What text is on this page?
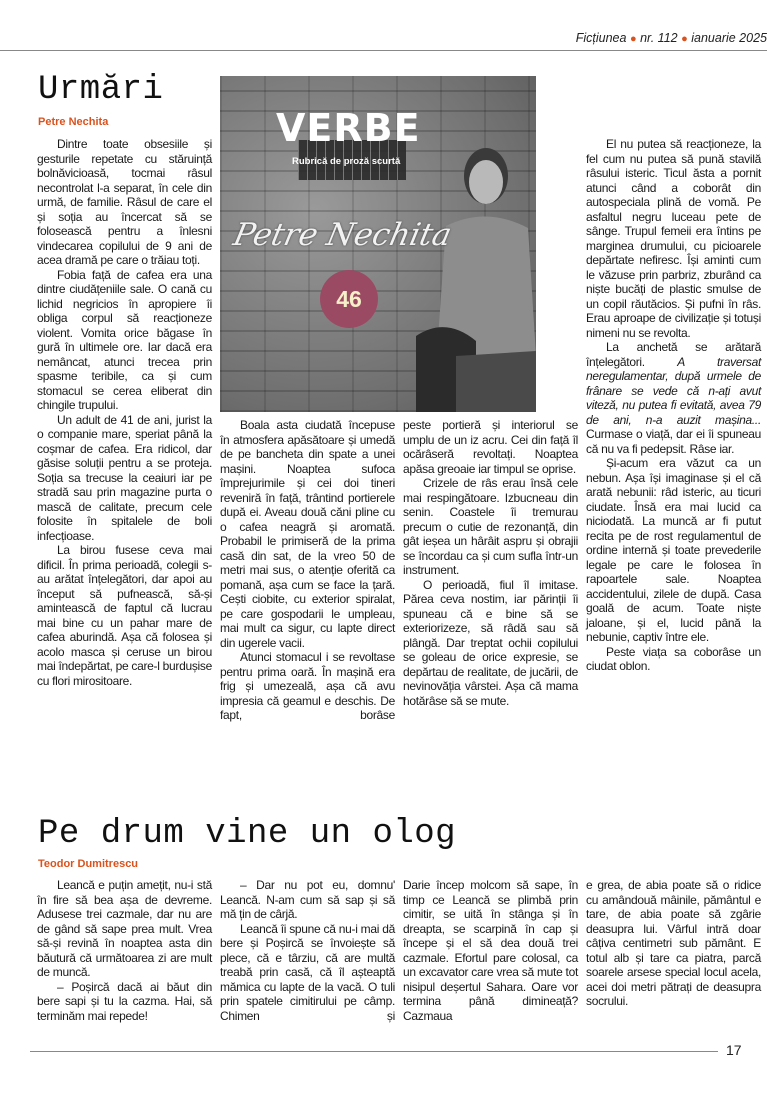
Ficțiunea ● nr. 112 ● ianuarie 2025
Urmări
Petre Nechita	VERBE
Rubrică de proză scurtă
Petre Nechita
46

Dintre toate obsesiile și gesturile repetate cu stăruință bolnăvicioasă, tocmai râsul necontrolat l-a separat, în cele din urmă, de familie. Râsul de care el și soția au încercat să se folosească pentru a înlesni vindecarea copilului de 9 ani de acea dramă pe care o trăiau toți.

Fobia față de cafea era una dintre ciudățeniile sale. O cană cu lichid negricios în apropiere îi obliga corpul să reacționeze violent. Vomita orice băgase în gură în ultimele ore. Iar dacă era nemâncat, atunci trecea prin spasme teribile, ca și cum stomacul se cerea eliberat din chingile trupului.

Un adult de 41 de ani, jurist la o companie mare, speriat până la coșmar de cafea. Era ridicol, dar găsise soluții pentru a se proteja. Soția sa trecuse la ceaiuri iar pe stradă sau prin magazine purta o mască de calitate, precum cele folosite în spitalele de boli infecțioase.

La birou fusese ceva mai dificil. În prima perioadă, colegii s-au arătat înțelegători, dar apoi au început să pufnească, să-și amintească de faptul că lucrau mai bine cu un pahar mare de cafea aburindă. Așa că folosea și acolo masca și ceruse un birou mai îndepărtat, pe care-l burdușise cu flori mirositoare.

Boala asta ciudată începuse în atmosfera apăsătoare și umedă de pe bancheta din spate a unei mașini. Noaptea sufoca împrejurimile și cei doi tineri reveniră în față, trântind portierele după ei. Aveau două căni pline cu o cafea neagră și aromată. Probabil le primiseră de la prima casă din sat, de la vreo 50 de metri mai sus, o atenție oferită ca pomană, așa cum se face la țară. Cești ciobite, cu exterior spiralat, pe care gospodarii le umpleau, mai mult ca sigur, cu lapte direct din ugerele vacii.

Atunci stomacul i se revoltase pentru prima oară. În mașină era frig și umezeală, așa că avu impresia că geamul e deschis. De fapt, borâse

peste portieră și interiorul se umplu de un iz acru. Cei din față îl ocărâseră revoltați. Noaptea apăsa greoaie iar timpul se oprise.

Crizele de râs erau însă cele mai respingătoare. Izbucneau din senin. Coastele îi tremurau precum o cutie de rezonanță, din gât ieșea un hârâit aspru și obrajii se încordau ca și cum sufla într-un instrument.

O perioadă, fiul îl imitase. Părea ceva nostim, iar părinții îi spuneau că e bine să se exteriorizeze, să râdă sau să plângă. Dar treptat ochii copilului se goleau de orice expresie, se depărtau de realitate, de jucării, de nevinovăția vârstei. Așa că mama hotărâse să se mute.

El nu putea să reacționeze, la fel cum nu putea să pună stavilă râsului isteric. Ticul ăsta a pornit atunci când a coborât din autospeciala plină de vomă. Pe asfaltul negru luceau pete de sânge. Trupul femeii era întins pe marginea drumului, cu picioarele depărtate nefiresc. Își aminti cum le văzuse prin parbriz, zburând ca niște bucăți de plastic smulse de un copil răutăcios. Și pufni în râs. Erau aproape de civilizație și totuși nimeni nu se revolta.

La anchetă se arătară înțelegători. A traversat neregulamentar, după urmele de frânare se vede că n-ați avut viteză, nu putea fi evitată, avea 79 de ani, n-a auzit mașina... Curmase o viață, dar ei îi spuneau că nu va fi pedepsit. Râse iar.

Și-acum era văzut ca un nebun. Așa își imaginase și el că arată nebunii: râd isteric, au ticuri ciudate. Însă era mai lucid ca niciodată. La muncă ar fi putut recita pe de rost regulamentul de ordine internă și toate prevederile legale pe care le folosea în rapoartele sale. Noaptea accidentului, zilele de după. Casa goală de acum. Toate niște jaloane, și el, lucid până la nebunie, captiv între ele.

Peste viața sa coborâse un ciudat oblon.

Pe drum vine un olog
Teodor Dumitrescu

Leancă e puțin amețit, nu-i stă în fire să bea așa de devreme. Adusese trei cazmale, dar nu are de gând să sape prea mult. Vrea să-și revină în noaptea asta din băutură că următoarea zi are mult de muncă.

– Poșircă dacă ai băut din bere sapi și tu la cazma. Hai, să terminăm mai repede!

– Dar nu pot eu, domnu' Leancă. N-am cum să sap și să mă țin de cârjă.

Leancă îi spune că nu-i mai dă bere și Poșircă se învoiește să plece, că e târziu, că are multă treabă prin casă, că îl așteaptă mămica cu lapte de la vacă. O tuli prin spatele cimitirului pe câmp. Chimen și

Darie încep molcom să sape, în timp ce Leancă se plimbă prin cimitir, se uită în stânga și în dreapta, se scarpină în cap și începe și el să dea două trei cazmale. Efortul pare colosal, ca un excavator care vrea să mute tot nisipul deșertul Sahara. Oare vor termina până dimineață? Cazmaua

e grea, de abia poate să o ridice cu amândouă mâinile, pământul e tare, de abia poate să zgârie deasupra lui. Vârful intră doar câțiva centimetri sub pământ. E totul alb și tare ca piatra, parcă soarele arsese special locul acela, acei doi metri pătrați de deasupra socrului.

17
